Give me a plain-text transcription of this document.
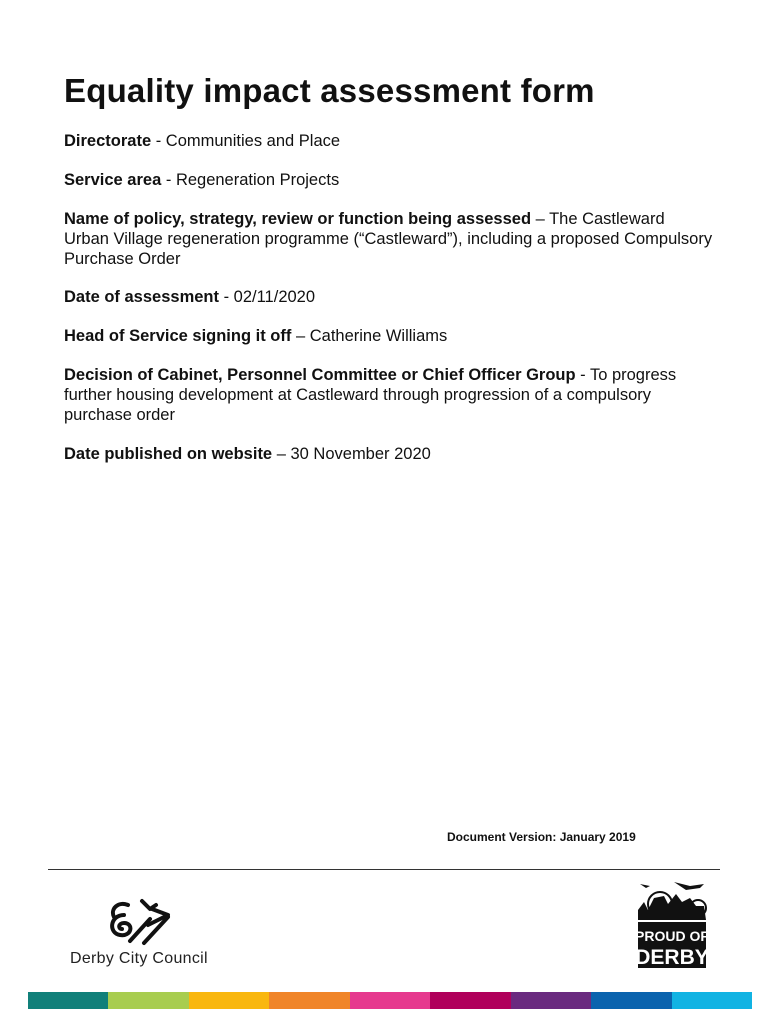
Equality impact assessment form
Directorate - Communities and Place
Service area - Regeneration Projects
Name of policy, strategy, review or function being assessed – The Castleward Urban Village regeneration programme (“Castleward”), including a proposed Compulsory Purchase Order
Date of assessment - 02/11/2020
Head of Service signing it off – Catherine Williams
Decision of Cabinet, Personnel Committee or Chief Officer Group - To progress further housing development at Castleward through progression of a compulsory purchase order
Date published on website – 30 November 2020
Document Version: January 2019
Derby City Council
PROUD OF
DERBY
